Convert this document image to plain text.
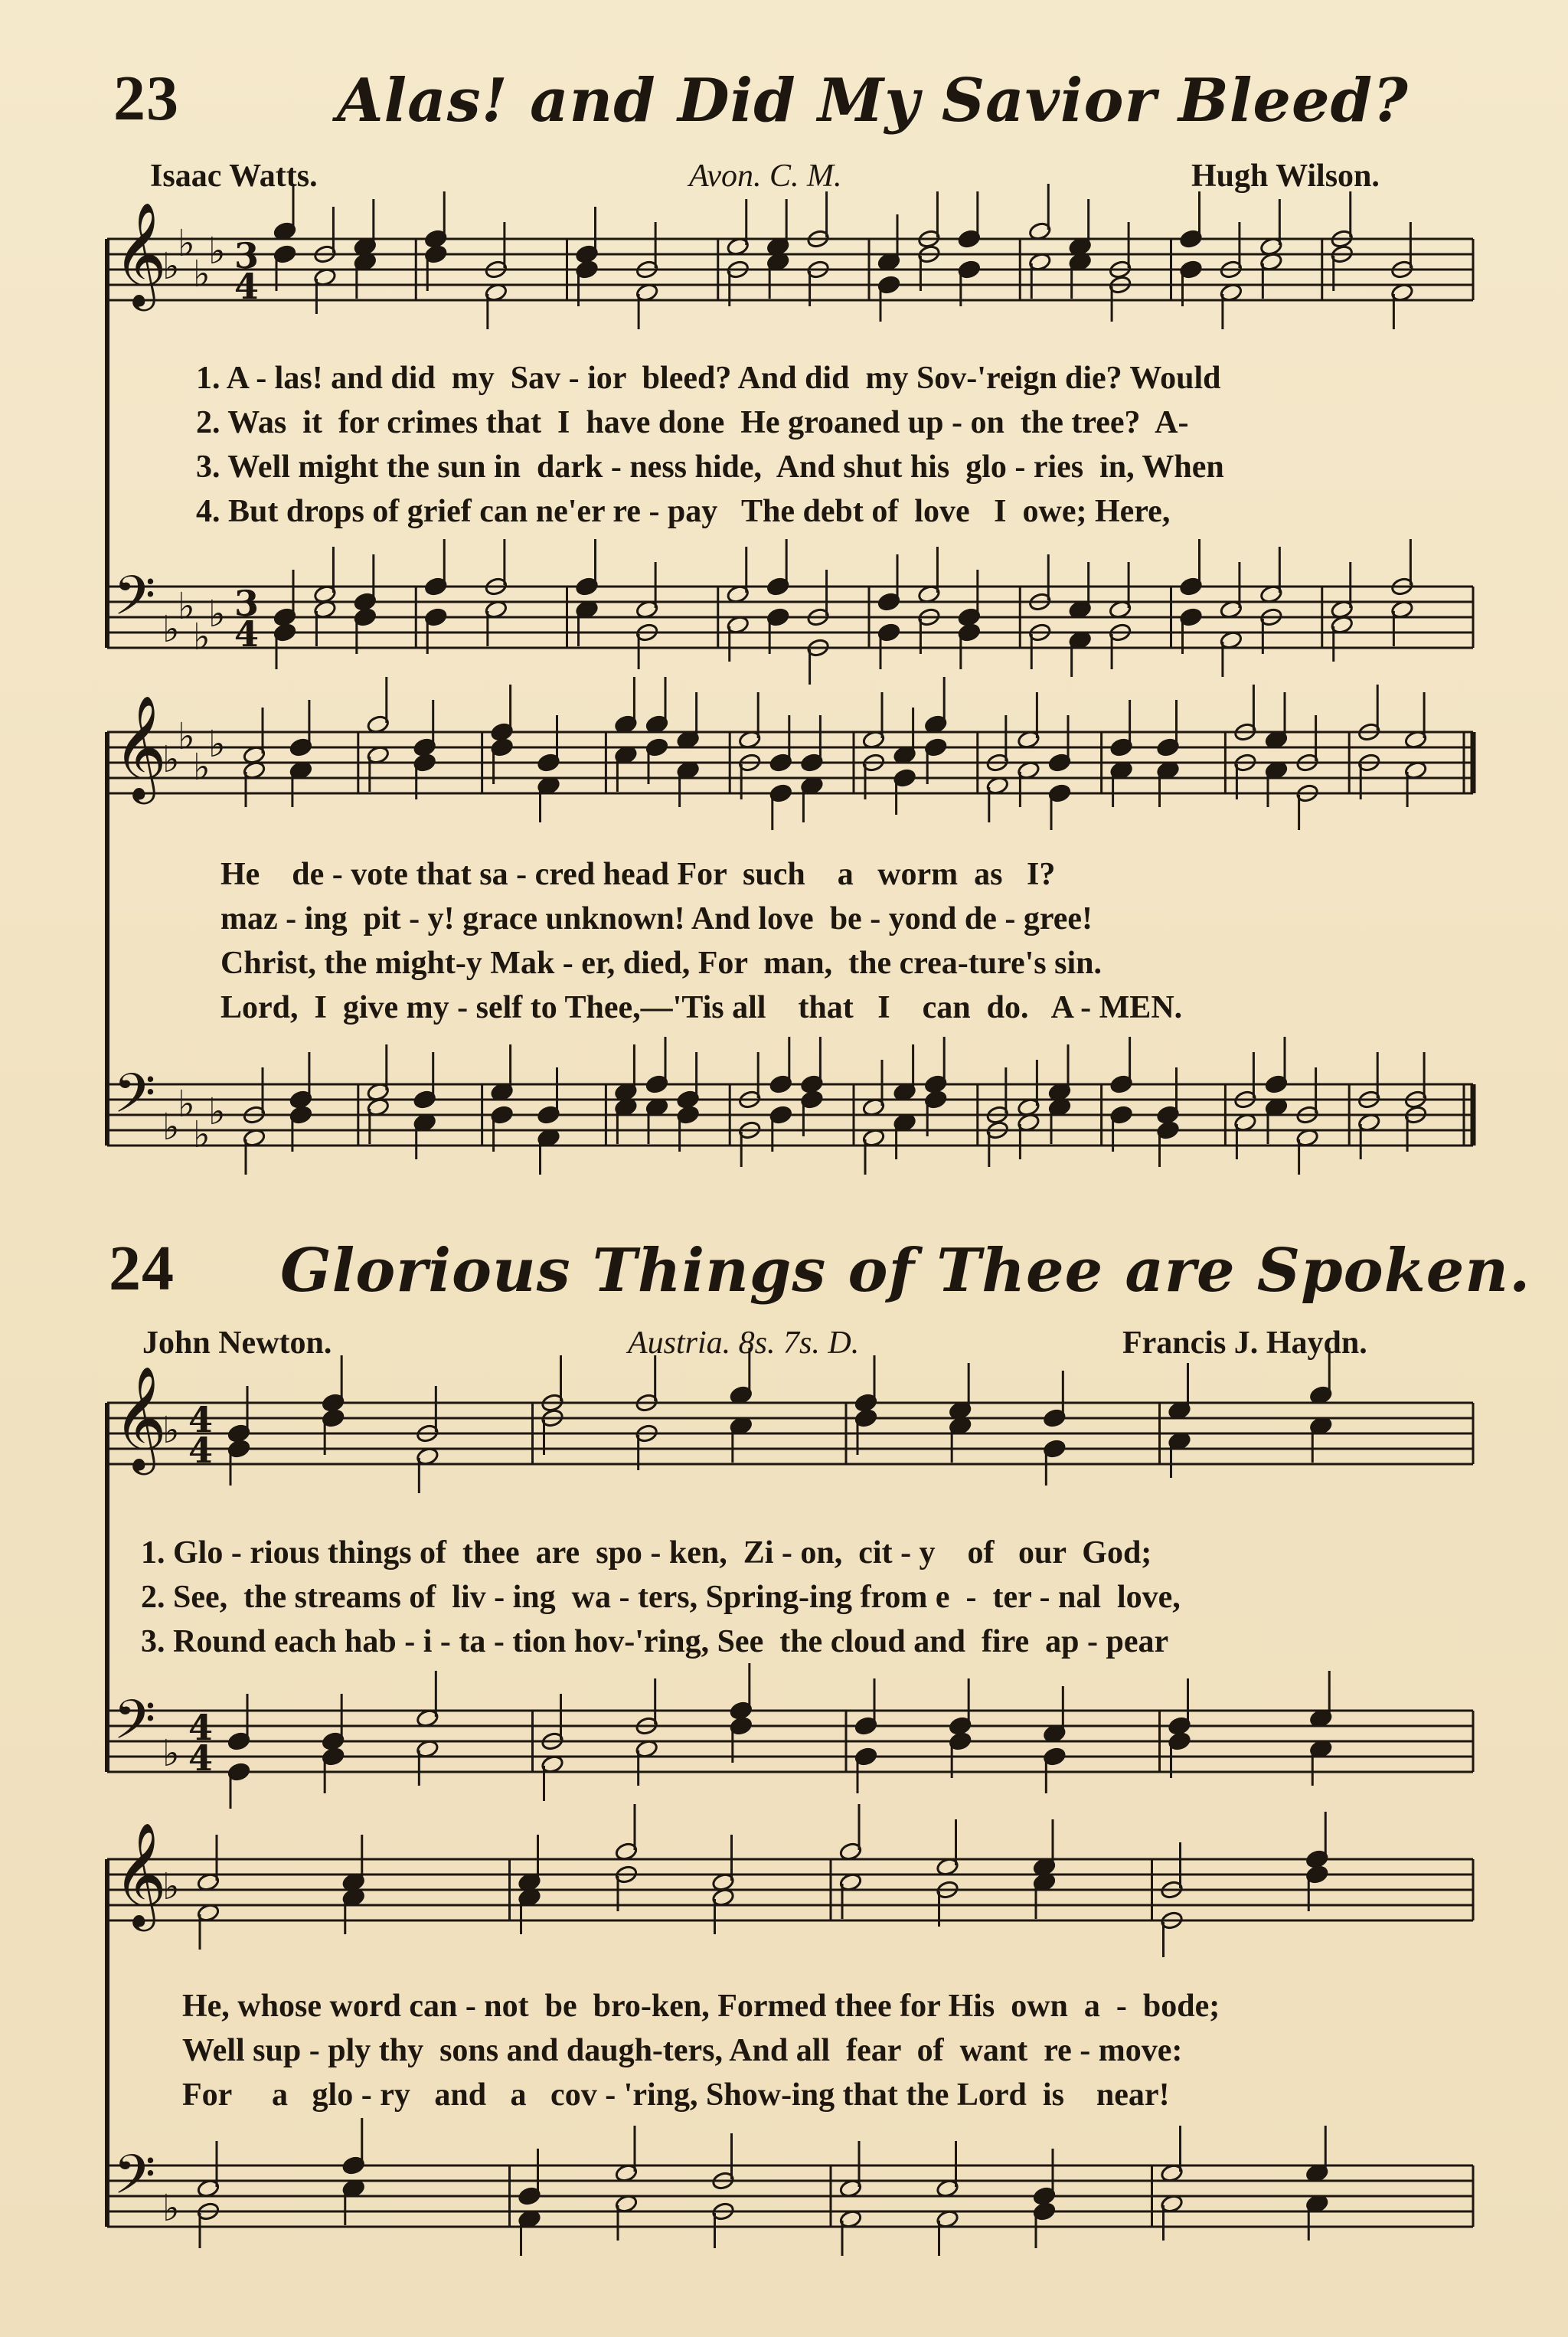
23	Alas! and Did My Savior Bleed?
Isaac Watts.	Avon. C. M.	Hugh Wilson.
1. A - las! and did  my  Sav - ior  bleed? And did  my Sov-'reign die? Would
2. Was  it  for crimes that  I  have done  He groaned up - on  the tree?  A-
3. Well might the sun in  dark - ness hide,  And shut his  glo - ries  in, When
4. But drops of grief can ne'er re - pay   The debt of  love   I  owe; Here,
He    de - vote that sa - cred head For  such    a   worm  as   I?
maz - ing  pit - y! grace unknown! And love  be - yond de - gree!
Christ, the might-y Mak - er, died, For  man,  the crea-ture's sin.
Lord,  I  give my - self to Thee,—'Tis all    that   I    can  do.   A - MEN.
24 Glorious Things of Thee are Spoken.
John Newton.	Austria. 8s. 7s. D.	Francis J. Haydn.
1. Glo - rious things of  thee  are  spo - ken,  Zi - on,  cit - y    of   our  God;
2. See,  the streams of  liv - ing  wa - ters, Spring-ing from e  -  ter - nal  love,
3. Round each hab - i - ta - tion hov-'ring, See  the cloud and  fire  ap - pear
He, whose word can - not  be  bro-ken, Formed thee for His  own  a  -  bode;
Well sup - ply thy  sons and daugh-ters, And all  fear  of  want  re - move:
For     a   glo - ry   and   a   cov - 'ring, Show-ing that the Lord  is    near!
𝄞
𝄢
♭
♭
♭
♭
♭
♭
♭
♭
3
4
3
4
𝄞
𝄢
♭
♭
♭
♭
♭
♭
♭
♭
𝄞
𝄢
♭
♭
4
4
4
4
𝄞
𝄢
♭
♭
